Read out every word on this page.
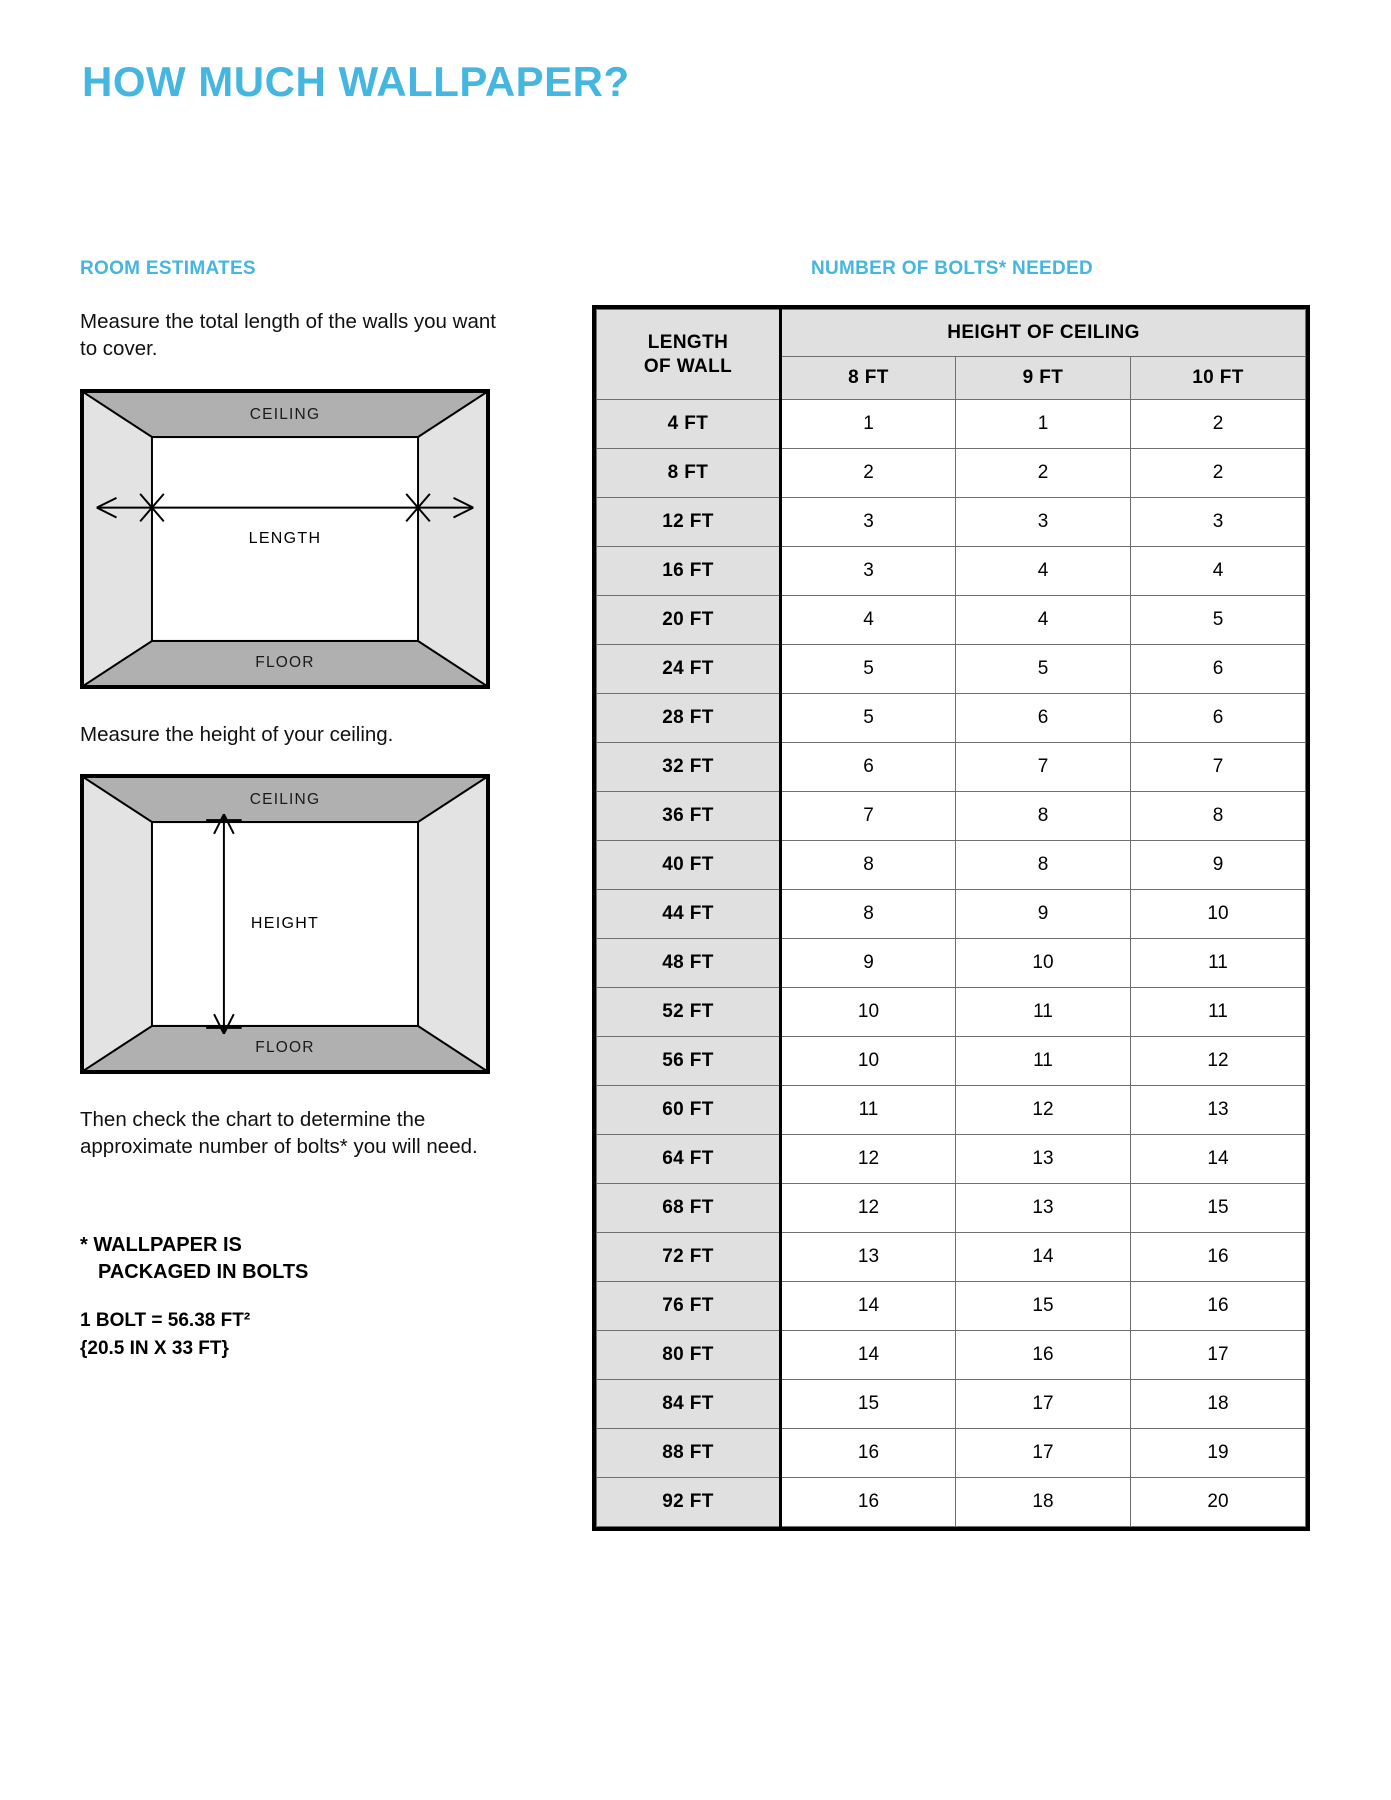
HOW MUCH WALLPAPER?
ROOM ESTIMATES

Measure the total length of the walls you want to cover.

CEILING
FLOOR
LENGTH

Measure the height of your ceiling.

CEILING
FLOOR
HEIGHT

Then check the chart to determine the approximate number of bolts* you will need.

* WALLPAPER IS

PACKAGED IN BOLTS

1 BOLT = 56.38 FT²

{20.5 IN X 33 FT}

NUMBER OF BOLTS* NEEDED
LENGTH
OF WALL	HEIGHT OF CEILING		
	8 FT	9 FT	10 FT
4 FT	1	1	2
8 FT	2	2	2
12 FT	3	3	3
16 FT	3	4	4
20 FT	4	4	5
24 FT	5	5	6
28 FT	5	6	6
32 FT	6	7	7
36 FT	7	8	8
40 FT	8	8	9
44 FT	8	9	10
48 FT	9	10	11
52 FT	10	11	11
56 FT	10	11	12
60 FT	11	12	13
64 FT	12	13	14
68 FT	12	13	15
72 FT	13	14	16
76 FT	14	15	16
80 FT	14	16	17
84 FT	15	17	18
88 FT	16	17	19
92 FT	16	18	20
